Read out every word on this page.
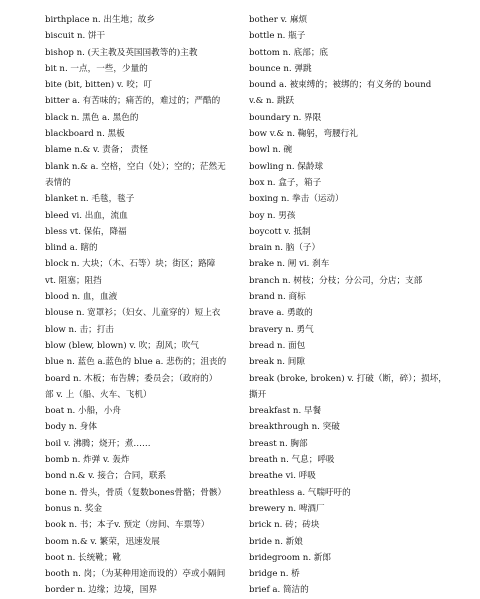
birthplace n. 出生地；故乡
biscuit n. 饼干
bishop n. (天主教及英国国教等的)主教
bit n. 一点，一些，少量的
bite (bit, bitten) v. 咬；叮
bitter a. 有苦味的；痛苦的，难过的；严酷的
black n. 黑色 a. 黑色的
blackboard n. 黑板
blame n.& v. 责备； 责怪
blank n.& a. 空格，空白（处）；空的；茫然无
表情的
blanket n. 毛毯，毯子
bleed vi. 出血，流血
bless vt. 保佑，降福
blind a. 瞎的
block n. 大块；（木、石等）块；街区；路障
vt. 阻塞；阻挡
blood n. 血，血液
blouse n. 宽罩衫；（妇女、儿童穿的）短上衣
blow n. 击；打击
blow (blew, blown) v. 吹；刮风；吹气
blue n. 蓝色 a.蓝色的 blue a. 悲伤的；沮丧的
board n. 木板；布告牌；委员会；（政府的）
部 v. 上（船、火车、飞机）
boat n. 小船，小舟
body n. 身体
boil v. 沸腾；烧开；煮……
bomb n. 炸弹 v. 轰炸
bond n.& v. 接合；合同，联系
bone n. 骨头，骨质（复数bones骨骼；骨骸）
bonus n. 奖金
book n. 书；本子v. 预定（房间、车票等）
boom n.& v. 繁荣，迅速发展
boot n. 长统靴；靴
booth n. 岗；（为某种用途而设的）亭或小隔间
border n. 边缘；边境，国界
bother v. 麻烦
bottle n. 瓶子
bottom n. 底部；底
bounce n. 弹跳
bound a. 被束缚的；被绑的；有义务的 bound
v.& n. 跳跃
boundary n. 界限
bow v.& n. 鞠躬，弯腰行礼
bowl n. 碗
bowling n. 保龄球
box n. 盒子，箱子
boxing n. 拳击（运动）
boy n. 男孩
boycott v. 抵制
brain n. 脑（子）
brake n. 闸 vi. 刹车
branch n. 树枝；分枝；分公司，分店；支部
brand n. 商标
brave a. 勇敢的
bravery n. 勇气
bread n. 面包
break n. 间隙
break (broke, broken) v. 打破（断，碎）；损坏，
撕开
breakfast n. 早餐
breakthrough n. 突破
breast n. 胸部
breath n. 气息；呼吸
breathe vi. 呼吸
breathless a. 气喘吁吁的
brewery n. 啤酒厂
brick n. 砖；砖块
bride n. 新娘
bridegroom n. 新郎
bridge n. 桥
brief a. 简洁的
